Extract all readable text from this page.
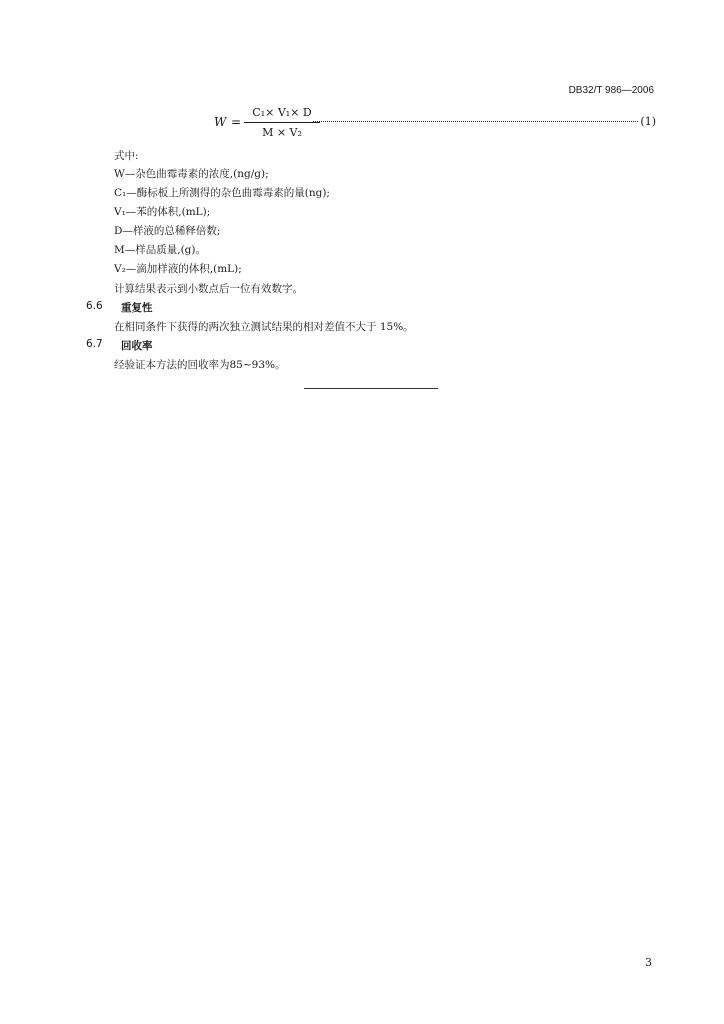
DB32/T 986—2006
W =
C₁× V₁× D
M × V₂
(1)
式中:
W—杂色曲霉毒素的浓度,(ng/g);
C₁—酶标板上所测得的杂色曲霉毒素的量(ng);
V₁—苯的体积,(mL);
D—样液的总稀释倍数;
M—样品质量,(g)。
V₂—滴加样液的体积,(mL);
计算结果表示到小数点后一位有效数字。
6.6 重复性
在相同条件下获得的两次独立测试结果的相对差值不大于 15%。
6.7 回收率
经验证本方法的回收率为85~93%。
3
